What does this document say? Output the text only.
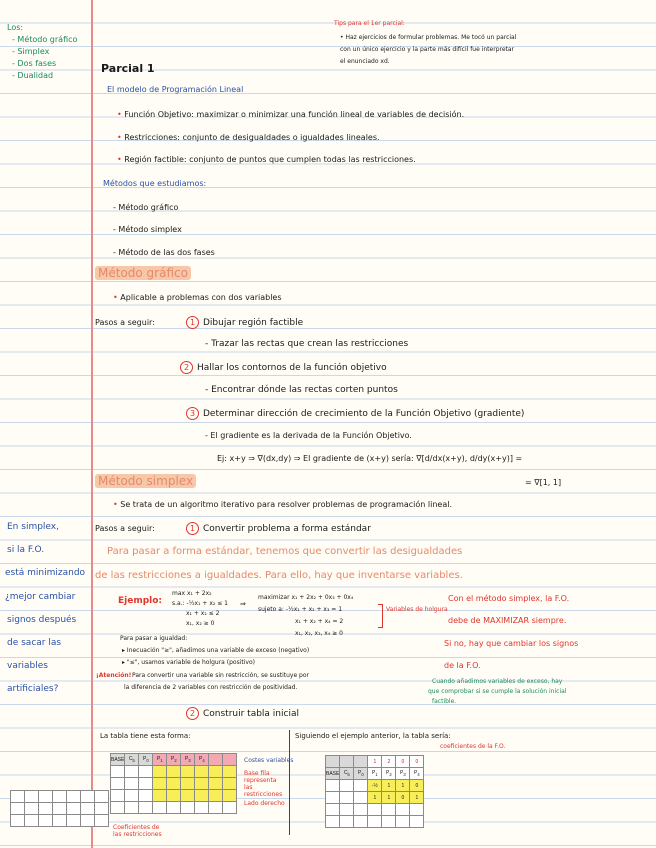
Los:
- Método gráfico
- Simplex
- Dos fases
- Dualidad
Tips para el 1er parcial:
• Haz ejercicios de formular problemas. Me tocó un parcial
con un único ejercicio y la parte más difícil fue interpretar
el enunciado xd.
Parcial 1
El modelo de Programación Lineal
• Función Objetivo: maximizar o minimizar una función lineal de variables de decisión.
• Restricciones: conjunto de desigualdades o igualdades lineales.
• Región factible: conjunto de puntos que cumplen todas las restricciones.
Métodos que estudiamos:
- Método gráfico
- Método simplex
- Método de las dos fases
Método gráfico
• Aplicable a problemas con dos variables
Pasos a seguir:	1 Dibujar región factible
- Trazar las rectas que crean las restricciones
2 Hallar los contornos de la función objetivo
- Encontrar dónde las rectas corten puntos
3 Determinar dirección de crecimiento de la Función Objetivo (gradiente)
- El gradiente es la derivada de la Función Objetivo.
Ej: x+y ⇒ ∇(dx,dy) ⇒ El gradiente de (x+y) sería: ∇[d/dx(x+y), d/dy(x+y)] =
= ∇[1, 1]
Método simplex
• Se trata de un algoritmo iterativo para resolver problemas de programación lineal.
Pasos a seguir:	1 Convertir problema a forma estándar
Para pasar a forma estándar, tenemos que convertir las desigualdades
de las restricciones a igualdades. Para ello, hay que inventarse variables.
Ejemplo:
max x₁ + 2x₂
s.a.: -½x₁ + x₂ ≤ 1
x₁ + x₂ ≤ 2
x₁, x₂ ≥ 0
⇒
maximizar x₁ + 2x₂ + 0x₃ + 0x₄
sujeto a: -½x₁ + x₂ + x₃ = 1
x₁ + x₂ + x₄ = 2
x₁, x₂, x₃, x₄ ≥ 0
Variables de holgura
Para pasar a igualdad:
▸ Inecuación "≥", añadimos una variable de exceso (negativo)
▸ "≤", usamos variable de holgura (positivo)
¡Atención! Para convertir una variable sin restricción, se sustituye por
la diferencia de 2 variables con restricción de positividad.
Con el método simplex, la F.O.
debe de MAXIMIZAR siempre.
Si no, hay que cambiar los signos
de la F.O.
Cuando añadimos variables de exceso, hay
que comprobar si se cumple la solución inicial
factible.
2 Construir tabla inicial
La tabla tiene esta forma:	Siguiendo el ejemplo anterior, la tabla sería:
coeficientes de la F.O.
BASE	$C_b$	$P_0$	$P_1$	$P_2$	$P_3$	$P_4$		

									Costes variables
Base fila representa las restricciones
Lado derecho
			1	2	0	0
BASE	$C_b$	$P_0$	$P_1$	$P_2$	$P_3$	$P_4$
			-½	1	1	0
			1	1	0	1

Coeficientes de las restricciones
En simplex,
si la F.O.
está minimizando
¿mejor cambiar
signos después
de sacar las
variables
artificiales?
